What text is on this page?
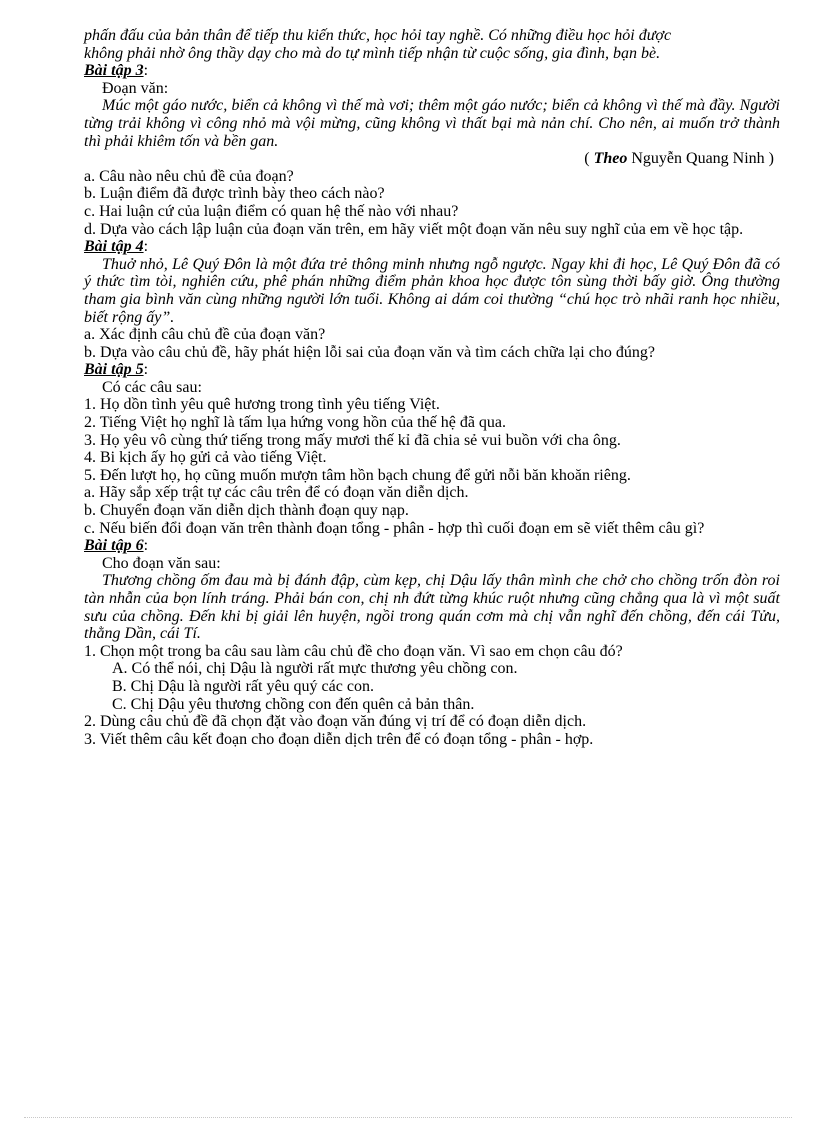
phấn đấu của bản thân để tiếp thu kiến thức, học hỏi tay nghề. Có những điều học hỏi được

không phải nhờ ông thầy dạy cho mà do tự mình tiếp nhận từ cuộc sống, gia đình, bạn bè.

Bài tập 3:

Đoạn văn:

Múc một gáo nước, biển cả không vì thế mà vơi; thêm một gáo nước; biển cả không vì thế mà đầy. Người từng trải không vì công nhỏ mà vội mừng, cũng không vì thất bại mà nản chí. Cho nên, ai muốn trở thành thì phải khiêm tốn và bền gan.

( Theo Nguyễn Quang Ninh )

a. Câu nào nêu chủ đề của đoạn?

b. Luận điểm đã được trình bày theo cách nào?

c. Hai luận cứ của luận điểm có quan hệ thế nào với nhau?

d. Dựa vào cách lập luận của đoạn văn trên, em hãy viết một đoạn văn nêu suy nghĩ của em về học tập.

Bài tập 4:

Thuở nhỏ, Lê Quý Đôn là một đứa trẻ thông minh nhưng ngỗ ngược. Ngay khi đi học, Lê Quý Đôn đã có ý thức tìm tòi, nghiên cứu, phê phán những điểm phản khoa học được tôn sùng thời bấy giờ. Ông thường tham gia bình văn cùng những người lớn tuổi. Không ai dám coi thường “chú học trò nhãi ranh học nhiều, biết rộng ấy”.

a. Xác định câu chủ đề của đoạn văn?

b. Dựa vào câu chủ đề, hãy phát hiện lỗi sai của đoạn văn và tìm cách chữa lại cho đúng?

Bài tập 5:

Có các câu sau:

1. Họ dồn tình yêu quê hương trong tình yêu tiếng Việt.

2. Tiếng Việt họ nghĩ là tấm lụa hứng vong hồn của thế hệ đã qua.

3. Họ yêu vô cùng thứ tiếng trong mấy mươi thế kỉ đã chia sẻ vui buồn với cha ông.

4. Bi kịch ấy họ gửi cả vào tiếng Việt.

5. Đến lượt họ, họ cũng muốn mượn tâm hồn bạch chung để gửi nỗi băn khoăn riêng.

a. Hãy sắp xếp trật tự các câu trên để có đoạn văn diễn dịch.

b. Chuyển đoạn văn diễn dịch thành đoạn quy nạp.

c. Nếu biến đổi đoạn văn trên thành đoạn tổng - phân - hợp thì cuối đoạn em sẽ viết thêm câu gì?

Bài tập 6:

Cho đoạn văn sau:

Thương chồng ốm đau mà bị đánh đập, cùm kẹp, chị Dậu lấy thân mình che chở cho chồng trốn đòn roi tàn nhẫn của bọn lính tráng. Phải bán con, chị nh đứt từng khúc ruột nhưng cũng chẳng qua là vì một suất sưu của chồng. Đến khi bị giải lên huyện, ngồi trong quán cơm mà chị vẫn nghĩ đến chồng, đến cái Tửu, thằng Dần, cái Tí.

1. Chọn một trong ba câu sau làm câu chủ đề cho đoạn văn. Vì sao em chọn câu đó?

A. Có thể nói, chị Dậu là người rất mực thương yêu chồng con.

B. Chị Dậu là người rất yêu quý các con.

C. Chị Dậu yêu thương chồng con đến quên cả bản thân.

2. Dùng câu chủ đề đã chọn đặt vào đoạn văn đúng vị trí để có đoạn diễn dịch.

3. Viết thêm câu kết đoạn cho đoạn diễn dịch trên để có đoạn tổng - phân - hợp.
